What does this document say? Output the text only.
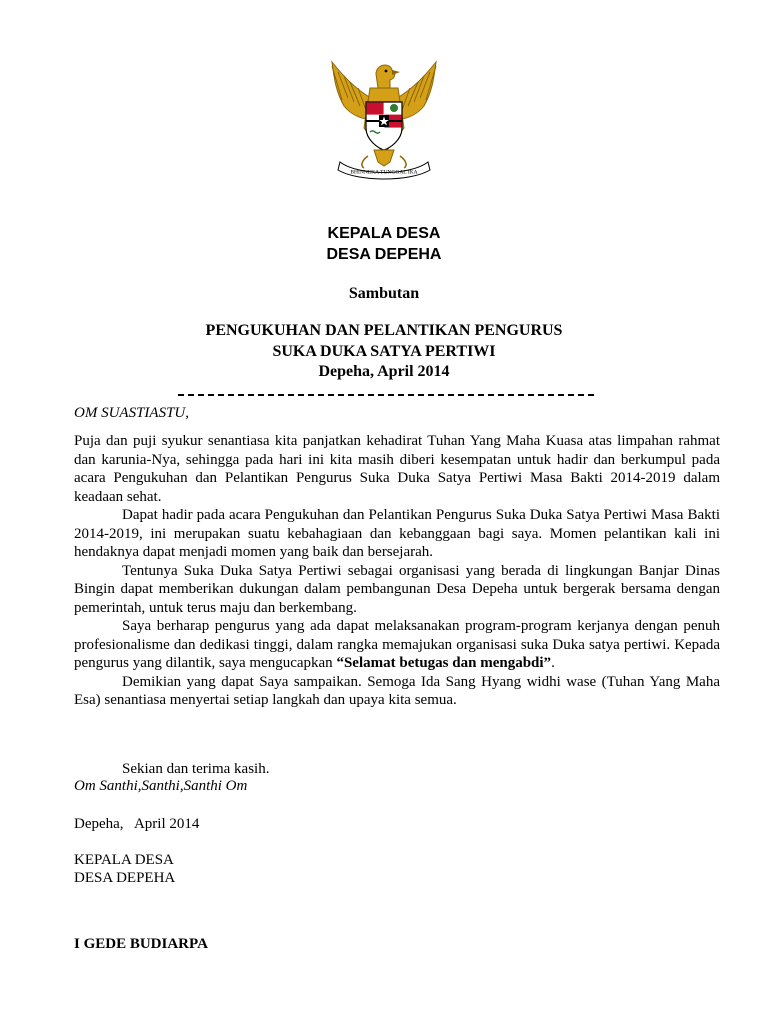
BHINNEKA TUNGGAL IKA
KEPALA DESA
DESA DEPEHA
Sambutan
PENGUKUHAN DAN PELANTIKAN PENGURUS
SUKA DUKA SATYA PERTIWI
Depeha, April 2014
OM SUASTIASTU,

Puja dan puji syukur senantiasa kita panjatkan kehadirat Tuhan Yang Maha Kuasa atas limpahan rahmat dan karunia-Nya, sehingga pada hari ini kita masih diberi kesempatan untuk hadir dan berkumpul pada acara Pengukuhan dan Pelantikan Pengurus Suka Duka Satya Pertiwi Masa Bakti 2014-2019 dalam keadaan sehat.

Dapat hadir pada acara Pengukuhan dan Pelantikan Pengurus Suka Duka Satya Pertiwi Masa Bakti 2014-2019, ini merupakan suatu kebahagiaan dan kebanggaan bagi saya. Momen pelantikan kali ini hendaknya dapat menjadi momen yang baik dan bersejarah.

Tentunya Suka Duka Satya Pertiwi sebagai organisasi yang berada di lingkungan Banjar Dinas Bingin dapat memberikan dukungan dalam pembangunan Desa Depeha untuk bergerak bersama dengan pemerintah, untuk terus maju dan berkembang.

Saya berharap pengurus yang ada dapat melaksanakan program-program kerjanya dengan penuh profesionalisme dan dedikasi tinggi, dalam rangka memajukan organisasi suka Duka satya pertiwi. Kepada pengurus yang dilantik, saya mengucapkan “Selamat betugas dan mengabdi”.

Demikian yang dapat Saya sampaikan. Semoga Ida Sang Hyang widhi wase (Tuhan Yang Maha Esa) senantiasa menyertai setiap langkah dan upaya kita semua.

Sekian dan terima kasih.
Om Santhi,Santhi,Santhi Om
Depeha,   April 2014
KEPALA DESA
DESA DEPEHA
I GEDE BUDIARPA
